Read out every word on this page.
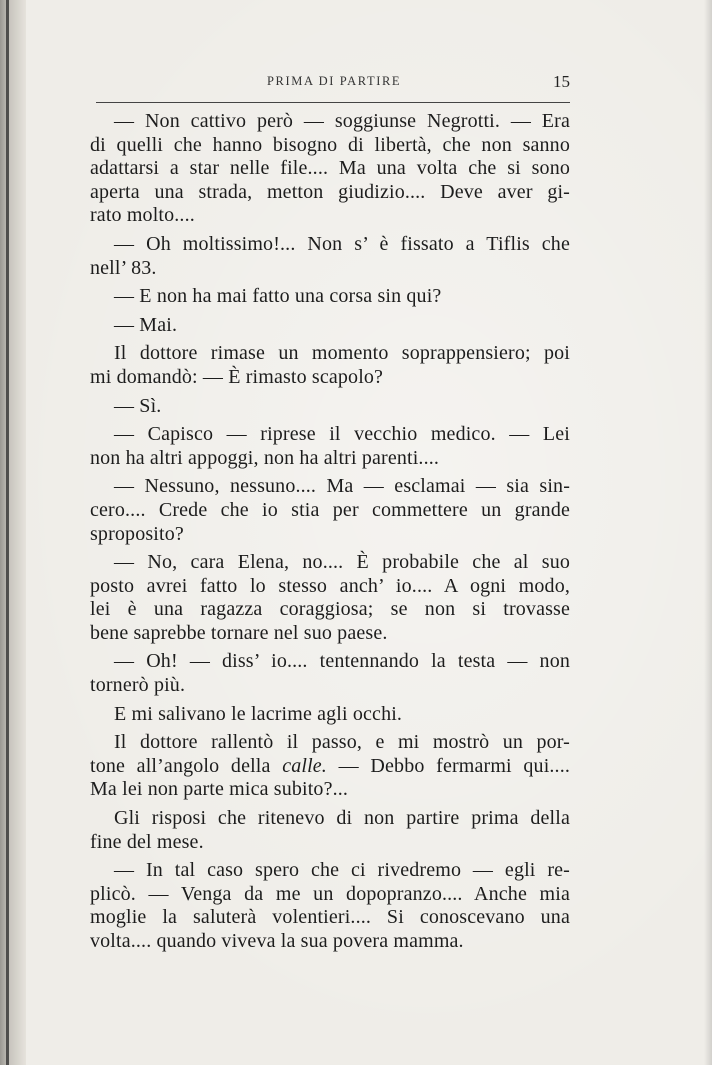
PRIMA DI PARTIRE	15
— Non cattivo però — soggiunse Negrotti. — Era
di quelli che hanno bisogno di libertà, che non sanno
adattarsi a star nelle file.... Ma una volta che si sono
aperta una strada, metton giudizio.... Deve aver gi-
rato molto....
— Oh moltissimo!... Non s’ è fissato a Tiflis che
nell’ 83.
— E non ha mai fatto una corsa sin qui?
— Mai.
Il dottore rimase un momento soprappensiero; poi
mi domandò: — È rimasto scapolo?
— Sì.
— Capisco — riprese il vecchio medico. — Lei
non ha altri appoggi, non ha altri parenti....
— Nessuno, nessuno.... Ma — esclamai — sia sin-
cero.... Crede che io stia per commettere un grande
sproposito?
— No, cara Elena, no.... È probabile che al suo
posto avrei fatto lo stesso anch’ io.... A ogni modo,
lei è una ragazza coraggiosa; se non si trovasse
bene saprebbe tornare nel suo paese.
— Oh! — diss’ io.... tentennando la testa — non
tornerò più.
E mi salivano le lacrime agli occhi.
Il dottore rallentò il passo, e mi mostrò un por-
tone all’angolo della calle. — Debbo fermarmi qui....
Ma lei non parte mica subito?...
Gli risposi che ritenevo di non partire prima della
fine del mese.
— In tal caso spero che ci rivedremo — egli re-
plicò. — Venga da me un dopopranzo.... Anche mia
moglie la saluterà volentieri.... Si conoscevano una
volta.... quando viveva la sua povera mamma.
